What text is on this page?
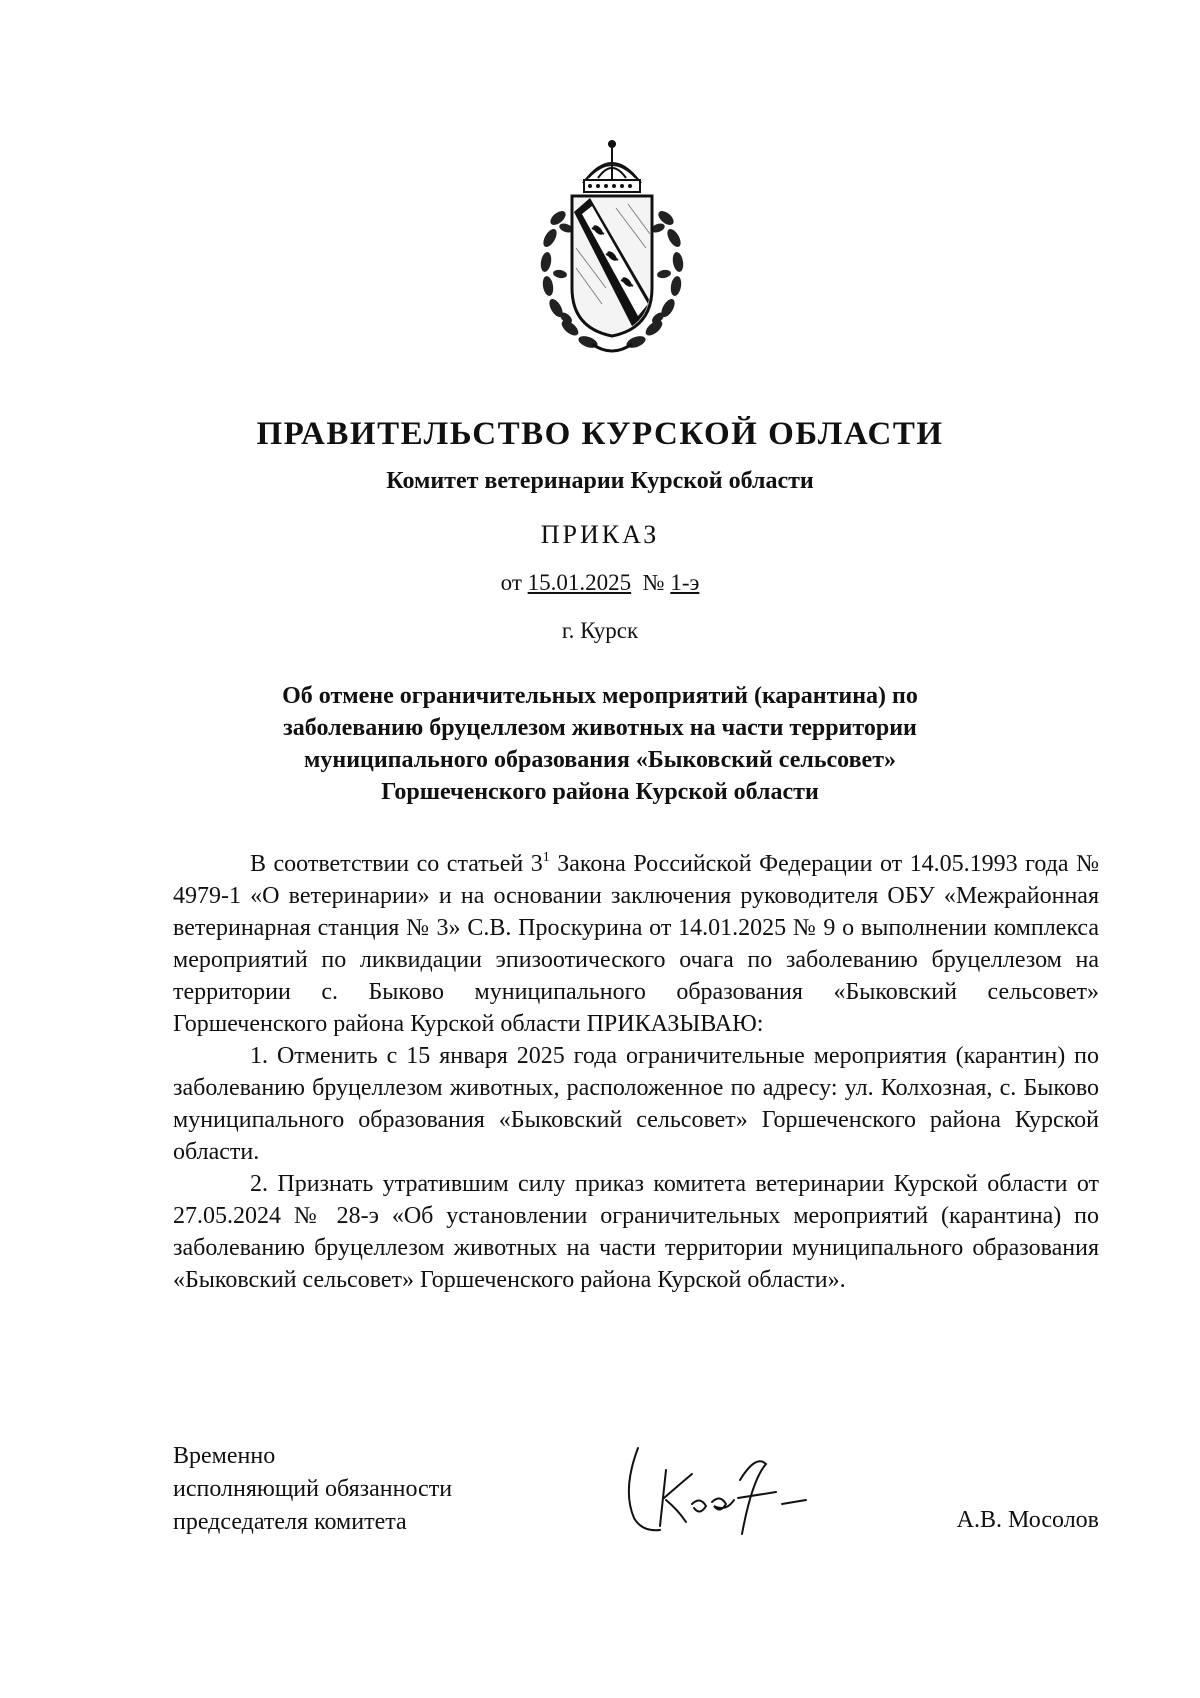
ПРАВИТЕЛЬСТВО КУРСКОЙ ОБЛАСТИ
Комитет ветеринарии Курской области
ПРИКАЗ
от 15.01.2025 № 1-э
г. Курск
Об отмене ограничительных мероприятий (карантина) по
заболеванию бруцеллезом животных на части территории
муниципального образования «Быковский сельсовет»
Горшеченского района Курской области

В соответствии со статьей $3^1$ Закона Российской Федерации от 14.05.1993 года № 4979-1 «О ветеринарии» и на основании заключения руководителя ОБУ «Межрайонная ветеринарная станция № 3» С.В. Проскурина от 14.01.2025 № 9 о выполнении комплекса мероприятий по ликвидации эпизоотического очага по заболеванию бруцеллезом на территории с. Быково муниципального образования «Быковский сельсовет» Горшеченского района Курской области ПРИКАЗЫВАЮ:

1. Отменить с 15 января 2025 года ограничительные мероприятия (карантин) по заболеванию бруцеллезом животных, расположенное по адресу: ул. Колхозная, с. Быково муниципального образования «Быковский сельсовет» Горшеченского района Курской области.

2. Признать утратившим силу приказ комитета ветеринарии Курской области от 27.05.2024 № 28-э «Об установлении ограничительных мероприятий (карантина) по заболеванию бруцеллезом животных на части территории муниципального образования «Быковский сельсовет» Горшеченского района Курской области».

Временно
исполняющий обязанности
председателя комитета	А.В. Мосолов
